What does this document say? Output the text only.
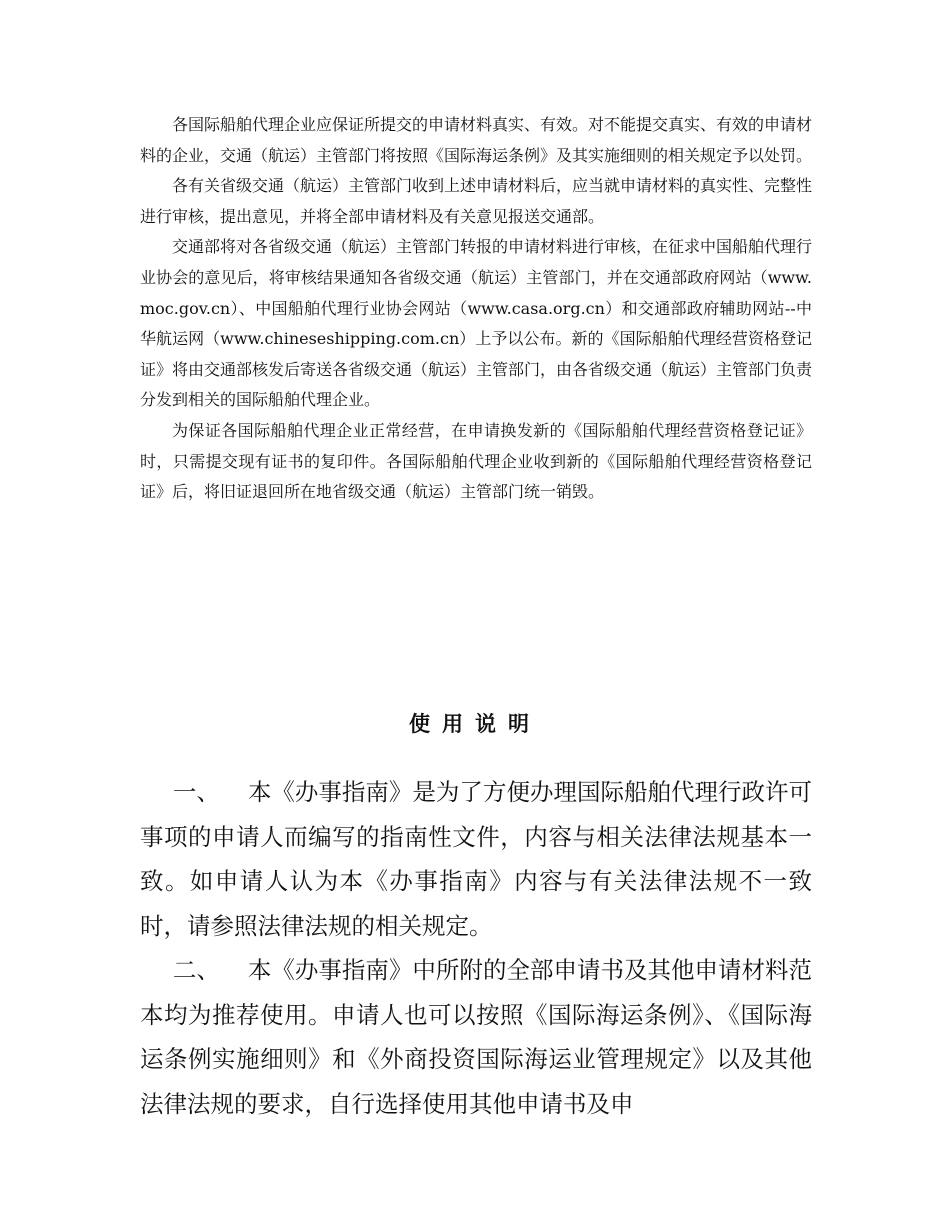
各国际船舶代理企业应保证所提交的申请材料真实、有效。对不能提交真实、有效的申请材料的企业，交通（航运）主管部门将按照《国际海运条例》及其实施细则的相关规定予以处罚。

各有关省级交通（航运）主管部门收到上述申请材料后，应当就申请材料的真实性、完整性进行审核，提出意见，并将全部申请材料及有关意见报送交通部。

交通部将对各省级交通（航运）主管部门转报的申请材料进行审核，在征求中国船舶代理行业协会的意见后，将审核结果通知各省级交通（航运）主管部门，并在交通部政府网站（www.moc.gov.cn）、中国船舶代理行业协会网站（www.casa.org.cn）和交通部政府辅助网站--中华航运网（www.chineseshipping.com.cn）上予以公布。新的《国际船舶代理经营资格登记证》将由交通部核发后寄送各省级交通（航运）主管部门，由各省级交通（航运）主管部门负责分发到相关的国际船舶代理企业。

为保证各国际船舶代理企业正常经营，在申请换发新的《国际船舶代理经营资格登记证》时，只需提交现有证书的复印件。各国际船舶代理企业收到新的《国际船舶代理经营资格登记证》后，将旧证退回所在地省级交通（航运）主管部门统一销毁。

使用说明

一、 本《办事指南》是为了方便办理国际船舶代理行政许可事项的申请人而编写的指南性文件，内容与相关法律法规基本一致。如申请人认为本《办事指南》内容与有关法律法规不一致时，请参照法律法规的相关规定。

二、 本《办事指南》中所附的全部申请书及其他申请材料范本均为推荐使用。申请人也可以按照《国际海运条例》、《国际海运条例实施细则》和《外商投资国际海运业管理规定》以及其他法律法规的要求，自行选择使用其他申请书及申
